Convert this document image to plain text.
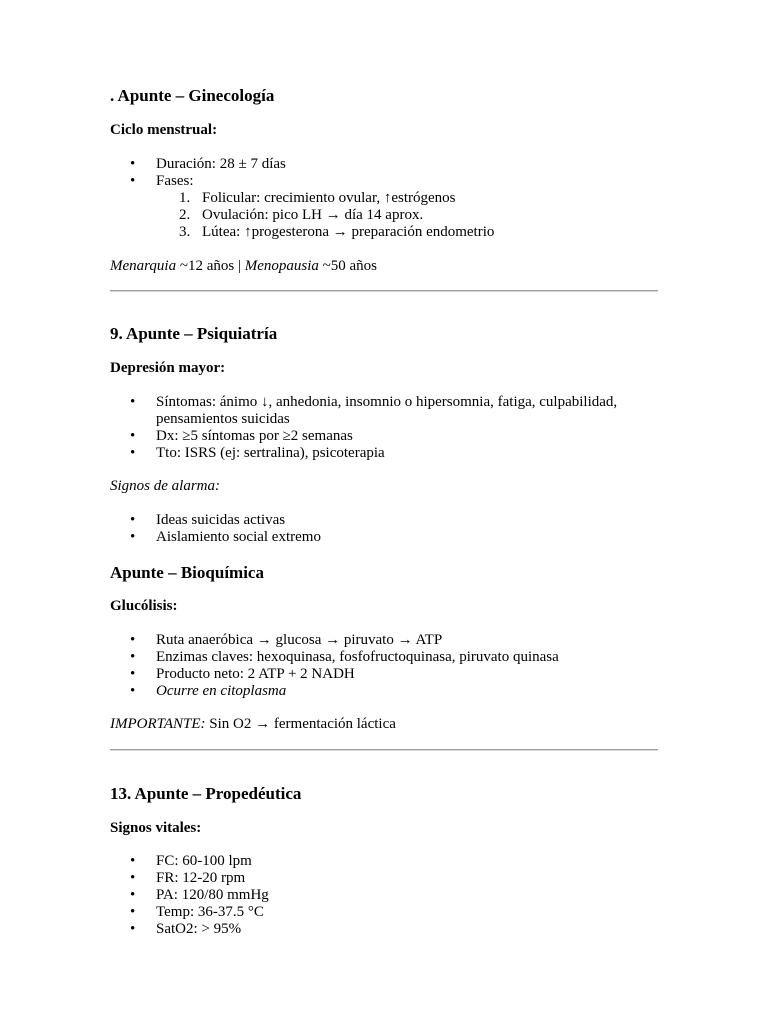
. Apunte – Ginecología

Ciclo menstrual:

• Duración: 28 ± 7 días
• Fases:
1. Folicular: crecimiento ovular, ↑estrógenos
2. Ovulación: pico LH → día 14 aprox.
3. Lútea: ↑progesterona → preparación endometrio

Menarquia ~12 años | Menopausia ~50 años

9. Apunte – Psiquiatría

Depresión mayor:

• Síntomas: ánimo ↓, anhedonia, insomnio o hipersomnia, fatiga, culpabilidad, pensamientos suicidas
• Dx: ≥5 síntomas por ≥2 semanas
• Tto: ISRS (ej: sertralina), psicoterapia

Signos de alarma:

• Ideas suicidas activas
• Aislamiento social extremo
Apunte – Bioquímica

Glucólisis:

• Ruta anaeróbica → glucosa → piruvato → ATP
• Enzimas claves: hexoquinasa, fosfofructoquinasa, piruvato quinasa
• Producto neto: 2 ATP + 2 NADH
• Ocurre en citoplasma

IMPORTANTE: Sin O2 → fermentación láctica

13. Apunte – Propedéutica

Signos vitales:

• FC: 60-100 lpm
• FR: 12-20 rpm
• PA: 120/80 mmHg
• Temp: 36-37.5 °C
• SatO2: > 95%
